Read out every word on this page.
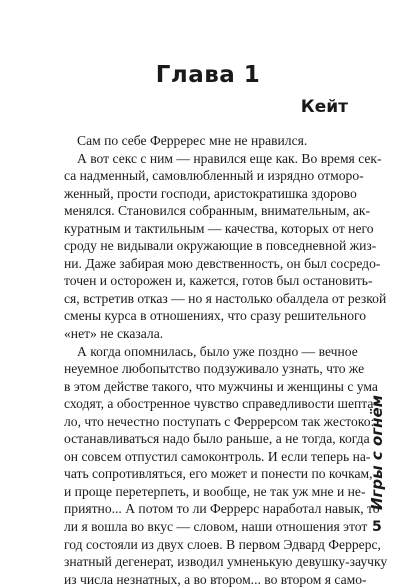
Глава 1
Кейт
Сам по себе Ферререс мне не нравился.
А вот секс с ним — нравился еще как. Во время сек-
са надменный, самовлюбленный и изрядно отморо-
женный, прости господи, аристократишка здорово
менялся. Становился собранным, внимательным, ак-
куратным и тактильным — качества, которых от него
сроду не видывали окружающие в повседневной жиз-
ни. Даже забирая мою девственность, он был сосредо-
точен и осторожен и, кажется, готов был остановить-
ся, встретив отказ — но я настолько обалдела от резкой
смены курса в отношениях, что сразу решительного
«нет» не сказала.
А когда опомнилась, было уже поздно — вечное
неуемное любопытство подзуживало узнать, что же
в этом действе такого, что мужчины и женщины с ума
сходят, а обостренное чувство справедливости шепта-
ло, что нечестно поступать с Феррерсом так жестоко:
останавливаться надо было раньше, а не тогда, когда
он совсем отпустил самоконтроль. И если теперь на-
чать сопротивляться, его может и понести по кочкам,
и проще перетерпеть, и вообще, не так уж мне и не-
приятно... А потом то ли Феррерс наработал навык, то
ли я вошла во вкус — словом, наши отношения этот
год состояли из двух слоев. В первом Эдвард Феррерс,
знатный дегенерат, изводил умненькую девушку-заучку
из числа незнатных, а во втором... во втором я само-
Игры с огнём
5
